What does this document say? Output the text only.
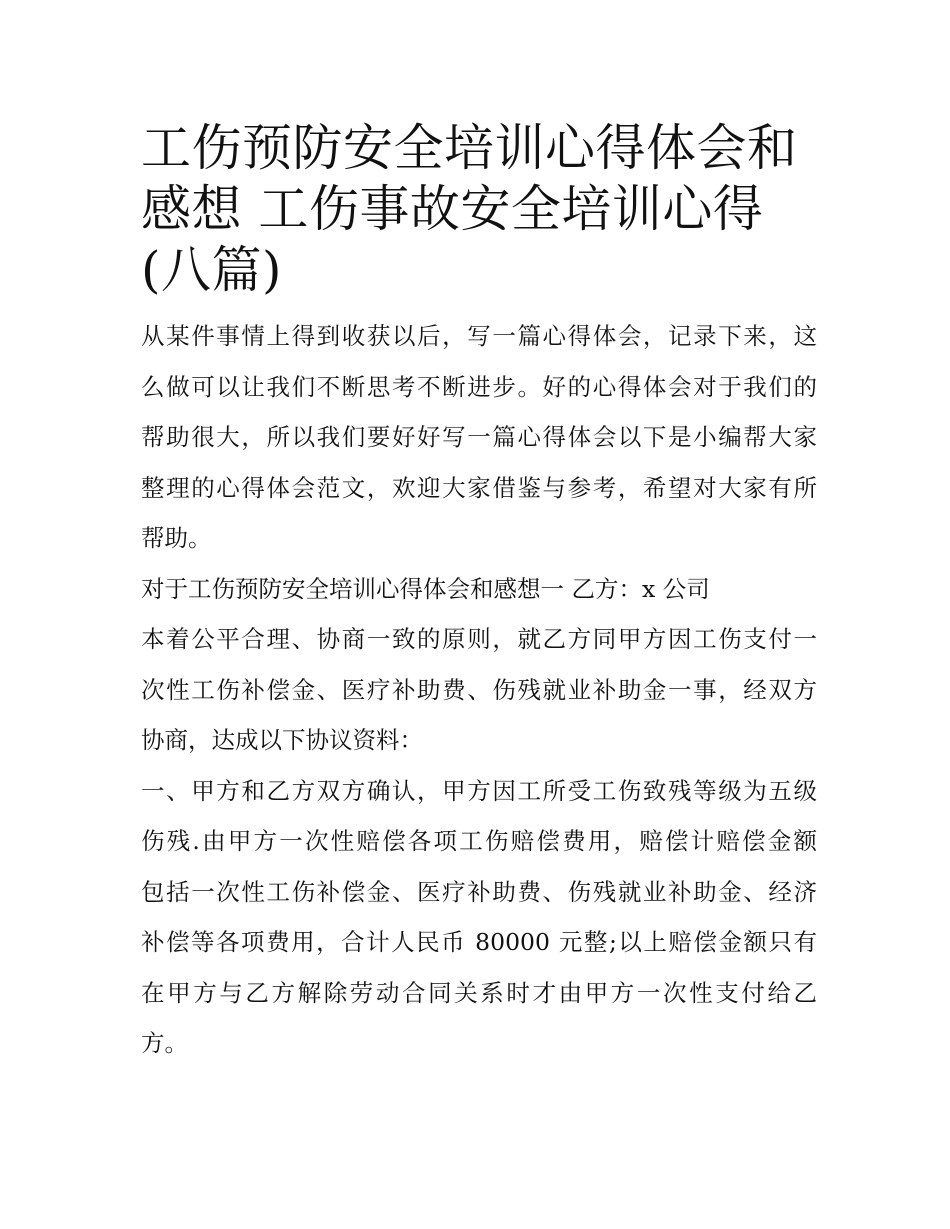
工伤预防安全培训心得体会和
感想 工伤事故安全培训心得
(八篇)
从某件事情上得到收获以后，写一篇心得体会，记录下来，这
么做可以让我们不断思考不断进步。好的心得体会对于我们的
帮助很大，所以我们要好好写一篇心得体会以下是小编帮大家
整理的心得体会范文，欢迎大家借鉴与参考，希望对大家有所
帮助。
对于工伤预防安全培训心得体会和感想一 乙方：x 公司
本着公平合理、协商一致的原则，就乙方同甲方因工伤支付一
次性工伤补偿金、医疗补助费、伤残就业补助金一事，经双方
协商，达成以下协议资料：
一、甲方和乙方双方确认，甲方因工所受工伤致残等级为五级
伤残.由甲方一次性赔偿各项工伤赔偿费用，赔偿计赔偿金额
包括一次性工伤补偿金、医疗补助费、伤残就业补助金、经济
补偿等各项费用，合计人民币 80000 元整;以上赔偿金额只有
在甲方与乙方解除劳动合同关系时才由甲方一次性支付给乙
方。
